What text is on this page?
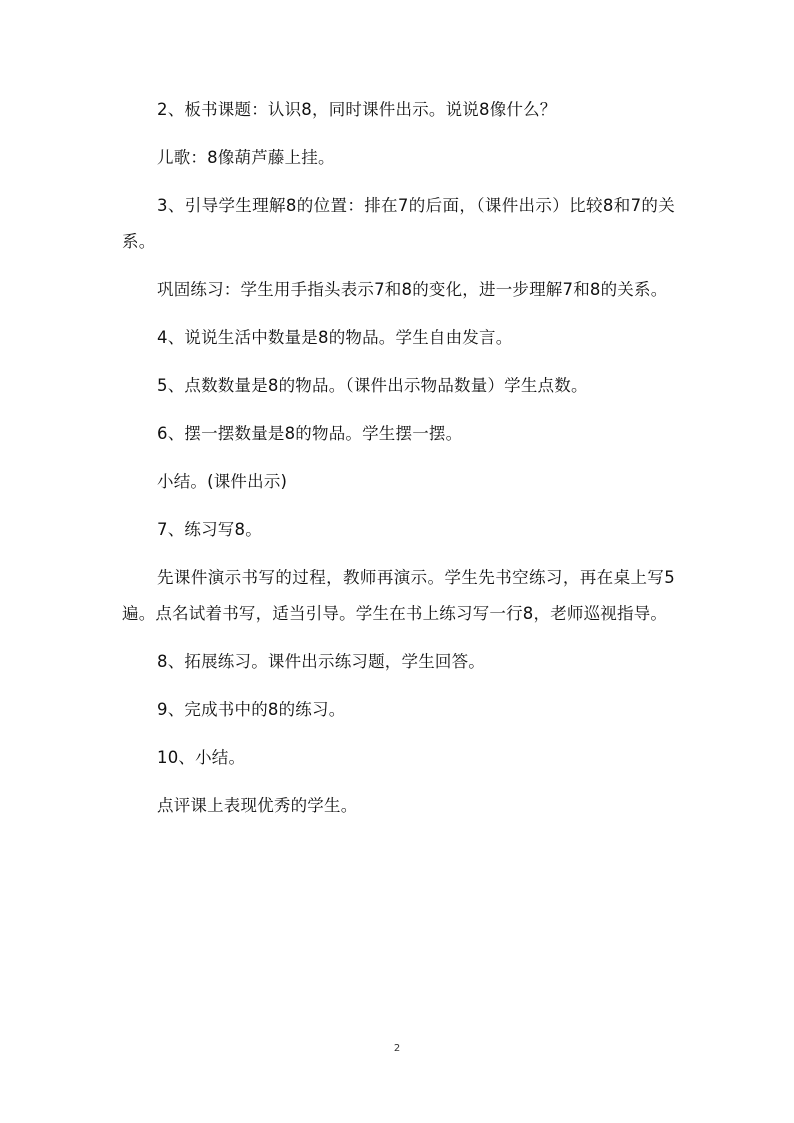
2、板书课题：认识8，同时课件出示。说说8像什么？

儿歌：8像葫芦藤上挂。

3、引导学生理解8的位置：排在7的后面，（课件出示）比较8和7的关系。

巩固练习：学生用手指头表示7和8的变化，进一步理解7和8的关系。

4、说说生活中数量是8的物品。学生自由发言。

5、点数数量是8的物品。（课件出示物品数量）学生点数。

6、摆一摆数量是8的物品。学生摆一摆。

小结。(课件出示)

7、练习写8。

先课件演示书写的过程，教师再演示。学生先书空练习，再在桌上写5遍。点名试着书写，适当引导。学生在书上练习写一行8，老师巡视指导。

8、拓展练习。课件出示练习题，学生回答。

9、完成书中的8的练习。

10、小结。

点评课上表现优秀的学生。

2
